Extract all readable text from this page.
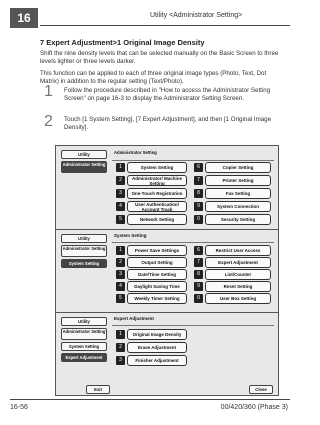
16	Utility <Administrator Setting>
7 Expert Adjustment>1 Original Image Density
Shift the nine density levels that can be selected manually on the Basic Screen to three levels lighter or three levels darker.
This function can be applied to each of three original image types (Photo, Text, Dot Matrix) in addition to the regular setting (Text/Photo).
1 Follow the procedure described in "How to access the Administrator Setting Screen" on page 16-3 to display the Administrator Setting Screen.
2 Touch [1 System Setting], [7 Expert Adjustment], and then [1 Original Image Density].
Utility
Administrator Setting
Administrator Setting
1	System Setting
2	Administrator/ Machine Setting
3	One-Touch Registration
4	User Authentication/ Account Track
5	Network Setting
6	Copier Setting
7	Printer Setting
8	Fax Setting
9	System Connection
0	Security Setting
Utility
Administrator Setting
System Setting
System Setting
1	Power Save Settings
2	Output Setting
3	Date/Time Setting
4	Daylight Saving Time
5	Weekly Timer Setting
6	Restrict User Access
7	Expert Adjustment
8	List/Counter
9	Reset Setting
0	User Box Setting
Utility
Administrator Setting
System Setting
Expert Adjustment
Expert Adjustment
1	Original Image Density
2	Erase Adjustment
3	Finisher Adjustment
Exit	Close
16-56	00/420/360 (Phase 3)
